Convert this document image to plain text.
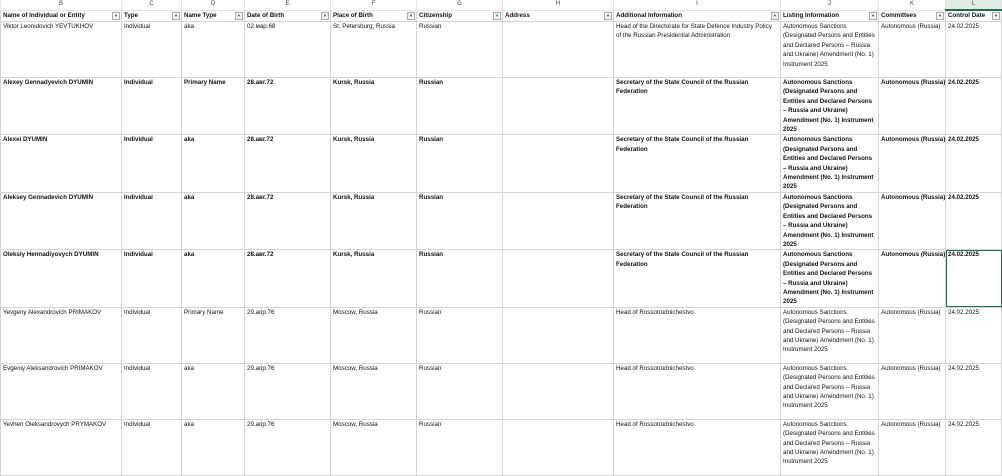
B	C	D	E	F	G	H	I	J	K	L
Name of Individual or Entity ▼	Type ▼	Name Type ▼	Date of Birth ▼	Place of Birth ▼	Citizenship ▼	Address ▼	Additional Information ▼	Listing Information ▼	Committees ▼	Control Date ▼

Viktor Leonidovich YEVTUKHOV	Individual	aka	02.мар.68	St. Petersburg, Russia	Russian		Head of the Directorate for State Defence Industry Policy of the Russian Presidential Administration	Autonomous Sanctions (Designated Persons and Entities and Declared Persons – Russia and Ukraine) Amendment (No. 1) Instrument 2025	Autonomous (Russia)	24.02.2025
Alexey Gennadyevich DYUMIN	Individual	Primary Name	28.авг.72	Kursk, Russia	Russian		Secretary of the State Council of the Russian Federation	Autonomous Sanctions (Designated Persons and Entities and Declared Persons – Russia and Ukraine) Amendment (No. 1) Instrument 2025	Autonomous (Russia)	24.02.2025
Alexei DYUMIN	Individual	aka	28.авг.72	Kursk, Russia	Russian		Secretary of the State Council of the Russian Federation	Autonomous Sanctions (Designated Persons and Entities and Declared Persons – Russia and Ukraine) Amendment (No. 1) Instrument 2025	Autonomous (Russia)	24.02.2025
Aleksey Gennadevich DYUMIN	Individual	aka	28.авг.72	Kursk, Russia	Russian		Secretary of the State Council of the Russian Federation	Autonomous Sanctions (Designated Persons and Entities and Declared Persons – Russia and Ukraine) Amendment (No. 1) Instrument 2025	Autonomous (Russia)	24.02.2025
Oleksiy Hennadiyovych DYUMIN	Individual	aka	28.авг.72	Kursk, Russia	Russian		Secretary of the State Council of the Russian Federation	Autonomous Sanctions (Designated Persons and Entities and Declared Persons – Russia and Ukraine) Amendment (No. 1) Instrument 2025	Autonomous (Russia)	24.02.2025
Yevgeny Alexandrovich PRIMAKOV	Individual	Primary Name	29.апр.76	Moscow, Russia	Russian		Head of Rossotrudnichestvo	Autonomous Sanctions (Designated Persons and Entities and Declared Persons – Russia and Ukraine) Amendment (No. 1) Instrument 2025	Autonomous (Russia)	24.02.2025
Evgeniy Aleksandrovich PRIMAKOV	Individual	aka	29.апр.76	Moscow, Russia	Russian		Head of Rossotrudnichestvo	Autonomous Sanctions (Designated Persons and Entities and Declared Persons – Russia and Ukraine) Amendment (No. 1) Instrument 2025	Autonomous (Russia)	24.02.2025
Yevhen Oleksandrovych PRYMAKOV	Individual	aka	29.апр.76	Moscow, Russia	Russian		Head of Rossotrudnichestvo	Autonomous Sanctions (Designated Persons and Entities and Declared Persons – Russia and Ukraine) Amendment (No. 1) Instrument 2025	Autonomous (Russia)	24.02.2025
